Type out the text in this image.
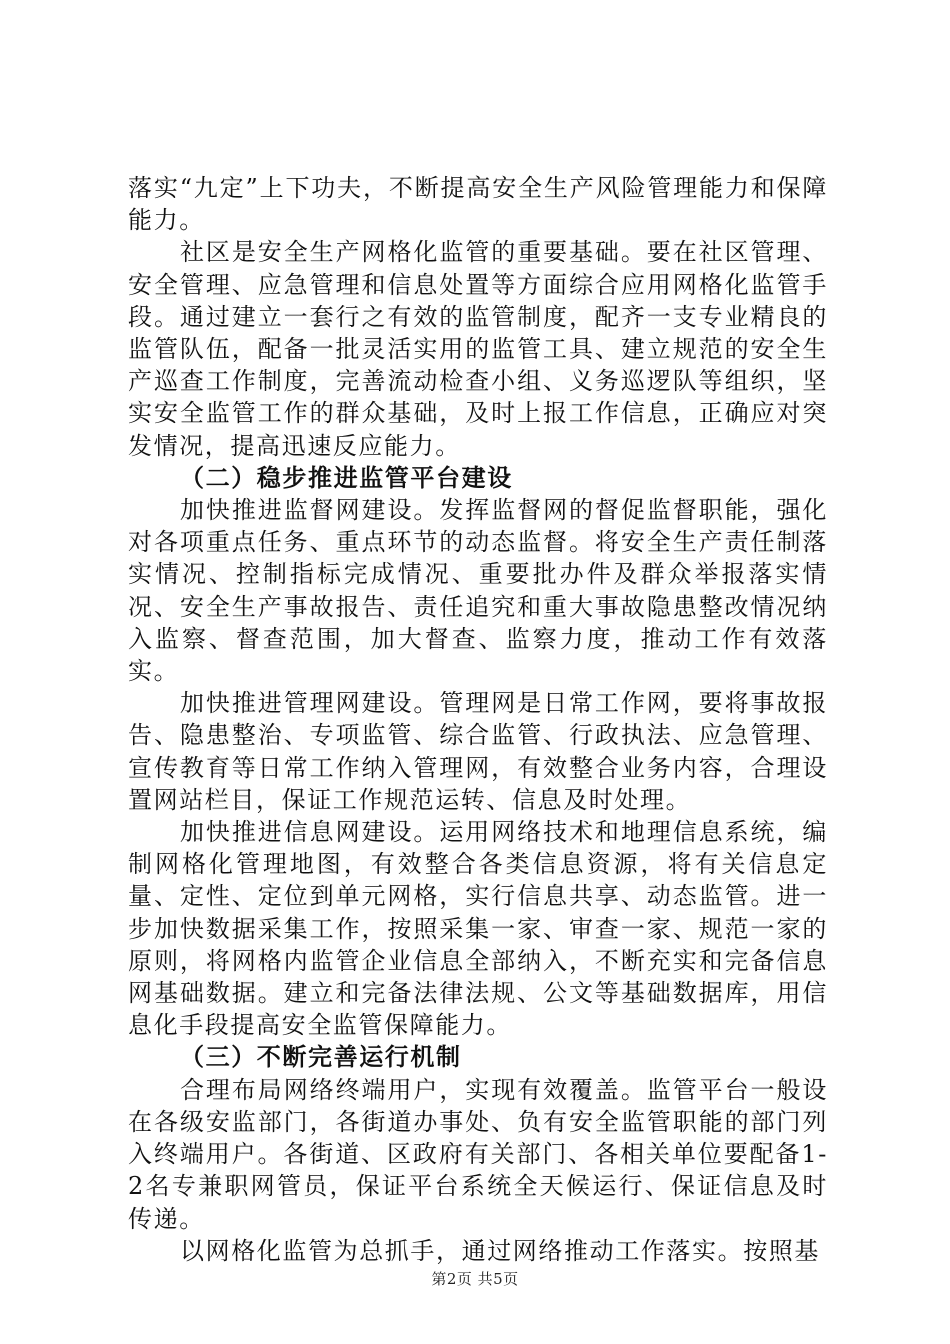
落实“九定”上下功夫，不断提高安全生产风险管理能力和保障能力。

社区是安全生产网格化监管的重要基础。要在社区管理、安全管理、应急管理和信息处置等方面综合应用网格化监管手段。通过建立一套行之有效的监管制度，配齐一支专业精良的监管队伍，配备一批灵活实用的监管工具、建立规范的安全生产巡查工作制度，完善流动检查小组、义务巡逻队等组织，坚实安全监管工作的群众基础，及时上报工作信息，正确应对突发情况，提高迅速反应能力。

（二）稳步推进监管平台建设

加快推进监督网建设。发挥监督网的督促监督职能，强化对各项重点任务、重点环节的动态监督。将安全生产责任制落实情况、控制指标完成情况、重要批办件及群众举报落实情况、安全生产事故报告、责任追究和重大事故隐患整改情况纳入监察、督查范围，加大督查、监察力度，推动工作有效落实。

加快推进管理网建设。管理网是日常工作网，要将事故报告、隐患整治、专项监管、综合监管、行政执法、应急管理、宣传教育等日常工作纳入管理网，有效整合业务内容，合理设置网站栏目，保证工作规范运转、信息及时处理。

加快推进信息网建设。运用网络技术和地理信息系统，编制网格化管理地图，有效整合各类信息资源，将有关信息定量、定性、定位到单元网格，实行信息共享、动态监管。进一步加快数据采集工作，按照采集一家、审查一家、规范一家的原则，将网格内监管企业信息全部纳入，不断充实和完备信息网基础数据。建立和完备法律法规、公文等基础数据库，用信息化手段提高安全监管保障能力。

（三）不断完善运行机制

合理布局网络终端用户，实现有效覆盖。监管平台一般设在各级安监部门，各街道办事处、负有安全监管职能的部门列入终端用户。各街道、区政府有关部门、各相关单位要配备1-2名专兼职网管员，保证平台系统全天候运行、保证信息及时传递。

以网格化监管为总抓手，通过网络推动工作落实。按照基

第2页 共5页
